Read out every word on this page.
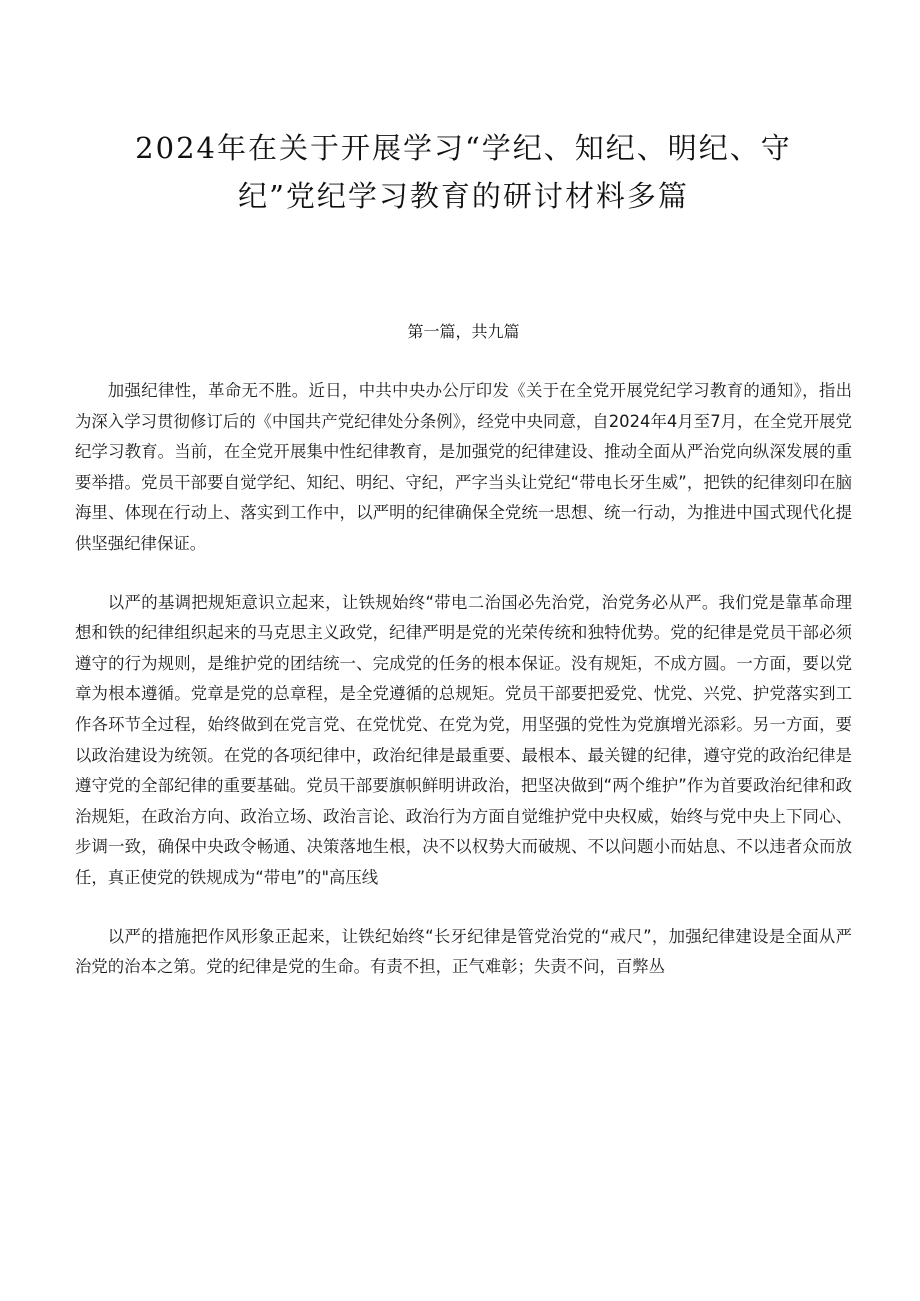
2024年在关于开展学习“学纪、知纪、明纪、守
纪”党纪学习教育的研讨材料多篇
第一篇，共九篇

加强纪律性，革命无不胜。近日，中共中央办公厅印发《关于在全党开展党纪学习教育的通知》，指出为深入学习贯彻修订后的《中国共产党纪律处分条例》，经党中央同意，自2024年4月至7月，在全党开展党纪学习教育。当前，在全党开展集中性纪律教育，是加强党的纪律建设、推动全面从严治党向纵深发展的重要举措。党员干部要自觉学纪、知纪、明纪、守纪，严字当头让党纪“带电长牙生威”，把铁的纪律刻印在脑海里、体现在行动上、落实到工作中，以严明的纪律确保全党统一思想、统一行动，为推进中国式现代化提供坚强纪律保证。

以严的基调把规矩意识立起来，让铁规始终“带电二治国必先治党，治党务必从严。我们党是靠革命理想和铁的纪律组织起来的马克思主义政党，纪律严明是党的光荣传统和独特优势。党的纪律是党员干部必须遵守的行为规则，是维护党的团结统一、完成党的任务的根本保证。没有规矩，不成方圆。一方面，要以党章为根本遵循。党章是党的总章程，是全党遵循的总规矩。党员干部要把爱党、忧党、兴党、护党落实到工作各环节全过程，始终做到在党言党、在党忧党、在党为党，用坚强的党性为党旗增光添彩。另一方面，要以政治建设为统领。在党的各项纪律中，政治纪律是最重要、最根本、最关键的纪律，遵守党的政治纪律是遵守党的全部纪律的重要基础。党员干部要旗帜鲜明讲政治，把坚决做到“两个维护”作为首要政治纪律和政治规矩，在政治方向、政治立场、政治言论、政治行为方面自觉维护党中央权威，始终与党中央上下同心、步调一致，确保中央政令畅通、决策落地生根，决不以权势大而破规、不以问题小而姑息、不以违者众而放任，真正使党的铁规成为“带电”的"高压线

以严的措施把作风形象正起来，让铁纪始终“长牙纪律是管党治党的“戒尺”，加强纪律建设是全面从严治党的治本之第。党的纪律是党的生命。有责不担，正气难彰；失责不问，百弊丛
